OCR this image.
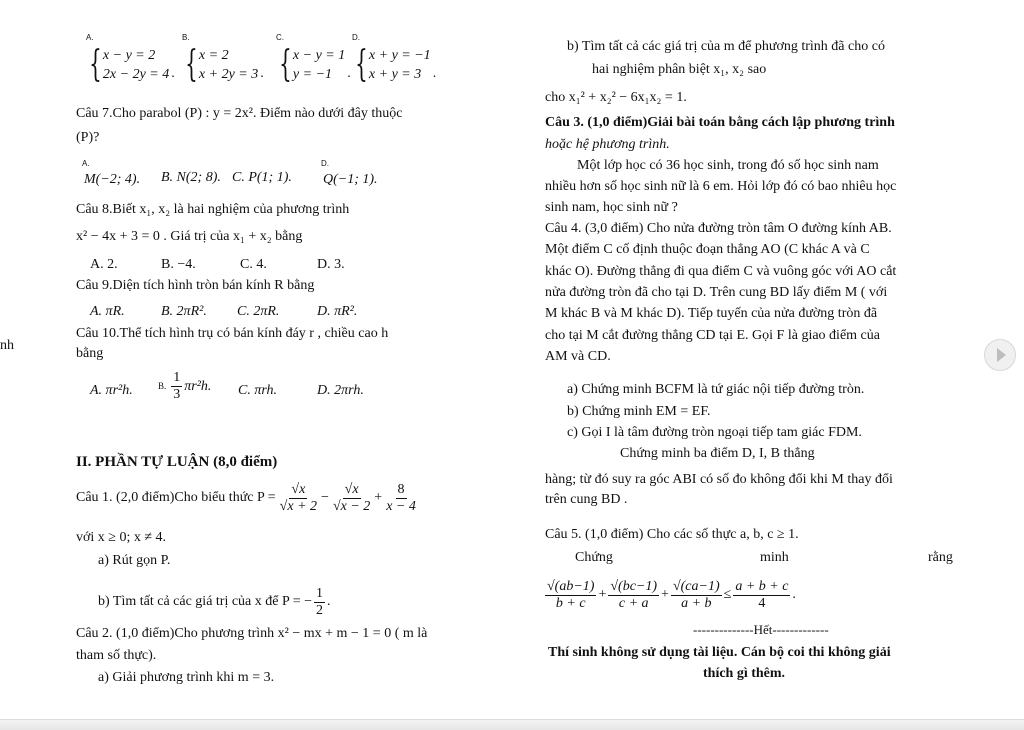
A.
{ x − y = 2
2x − 2y = 4 .
B.
{ x = 2
x + 2y = 3 .
C.
{ x − y = 1
y = −1	.
D.
{ x + y = −1
x + y = 3 .
Câu 7.Cho parabol (P) : y = 2x². Điểm nào dưới đây thuộc
(P)?
A.
M(−2; 4). B. N(2; 8). C. P(1; 1).
D.
Q(−1; 1).
Câu 8.Biết x₁, x₂ là hai nghiệm của phương trình
x² − 4x + 3 = 0 . Giá trị của x₁ + x₂ bằng
A. 2.	B. −4.	C. 4.	D. 3.
Câu 9.Diện tích hình tròn bán kính R bằng
A. πR.	B. 2πR². C. 2πR.	D. πR².
Câu 10.Thể tích hình trụ có bán kính đáy r , chiều cao h
nh
bằng
A. πr²h.	B. $\frac{1}{3} \pi r^2h$. C. πrh.	D. 2πrh.
II. PHẦN TỰ LUẬN (8,0 điểm)
Câu 1. (2,0 điểm)Cho biểu thức $P = \frac{√x}{√x + 2} - \frac{√x}{√x - 2} + \frac{8}{x - 4}$
với x ≥ 0; x ≠ 4.
a) Rút gọn P.
b) Tìm tất cả các giá trị của x để P = − $\frac{1}{2}$ .
Câu 2. (1,0 điểm)Cho phương trình x² − mx + m − 1 = 0 ( m là
tham số thực).
a) Giải phương trình khi m = 3.
b) Tìm tất cả các giá trị của m để phương trình đã cho có
hai nghiệm phân biệt x₁, x₂ sao
cho x₁² + x₂² − 6x₁x₂ = 1.
Câu 3. (1,0 điểm)Giải bài toán bằng cách lập phương trình
hoặc hệ phương trình.
Một lớp học có 36 học sinh, trong đó số học sinh nam
nhiều hơn số học sinh nữ là 6 em. Hỏi lớp đó có bao nhiêu học
sinh nam, học sinh nữ ?
Câu 4. (3,0 điểm) Cho nửa đường tròn tâm O đường kính AB.
Một điểm C cố định thuộc đoạn thẳng AO (C khác A và C
khác O). Đường thẳng đi qua điểm C và vuông góc với AO cắt
nửa đường tròn đã cho tại D. Trên cung BD lấy điểm M ( với
M khác B và M khác D). Tiếp tuyến của nửa đường tròn đã
cho tại M cắt đường thẳng CD tại E. Gọi F là giao điểm của
AM và CD.
a) Chứng minh BCFM là tứ giác nội tiếp đường tròn.
b) Chứng minh EM = EF.
c) Gọi I là tâm đường tròn ngoại tiếp tam giác FDM.
Chứng minh ba điểm D, I, B thẳng
hàng; từ đó suy ra góc ABI có số đo không đổi khi M thay đổi
trên cung BD .
Câu 5. (1,0 điểm) Cho các số thực a, b, c ≥ 1.
Chứng	minh	rằng
$\frac{√(ab-1)}{b + c} + \frac{√(bc-1)}{c + a} + \frac{√(ca-1)}{a + b} \le \frac{a + b + c}{4}$ .
--------------Hết-------------
Thí sinh không sử dụng tài liệu. Cán bộ coi thi không giải
thích gì thêm.
